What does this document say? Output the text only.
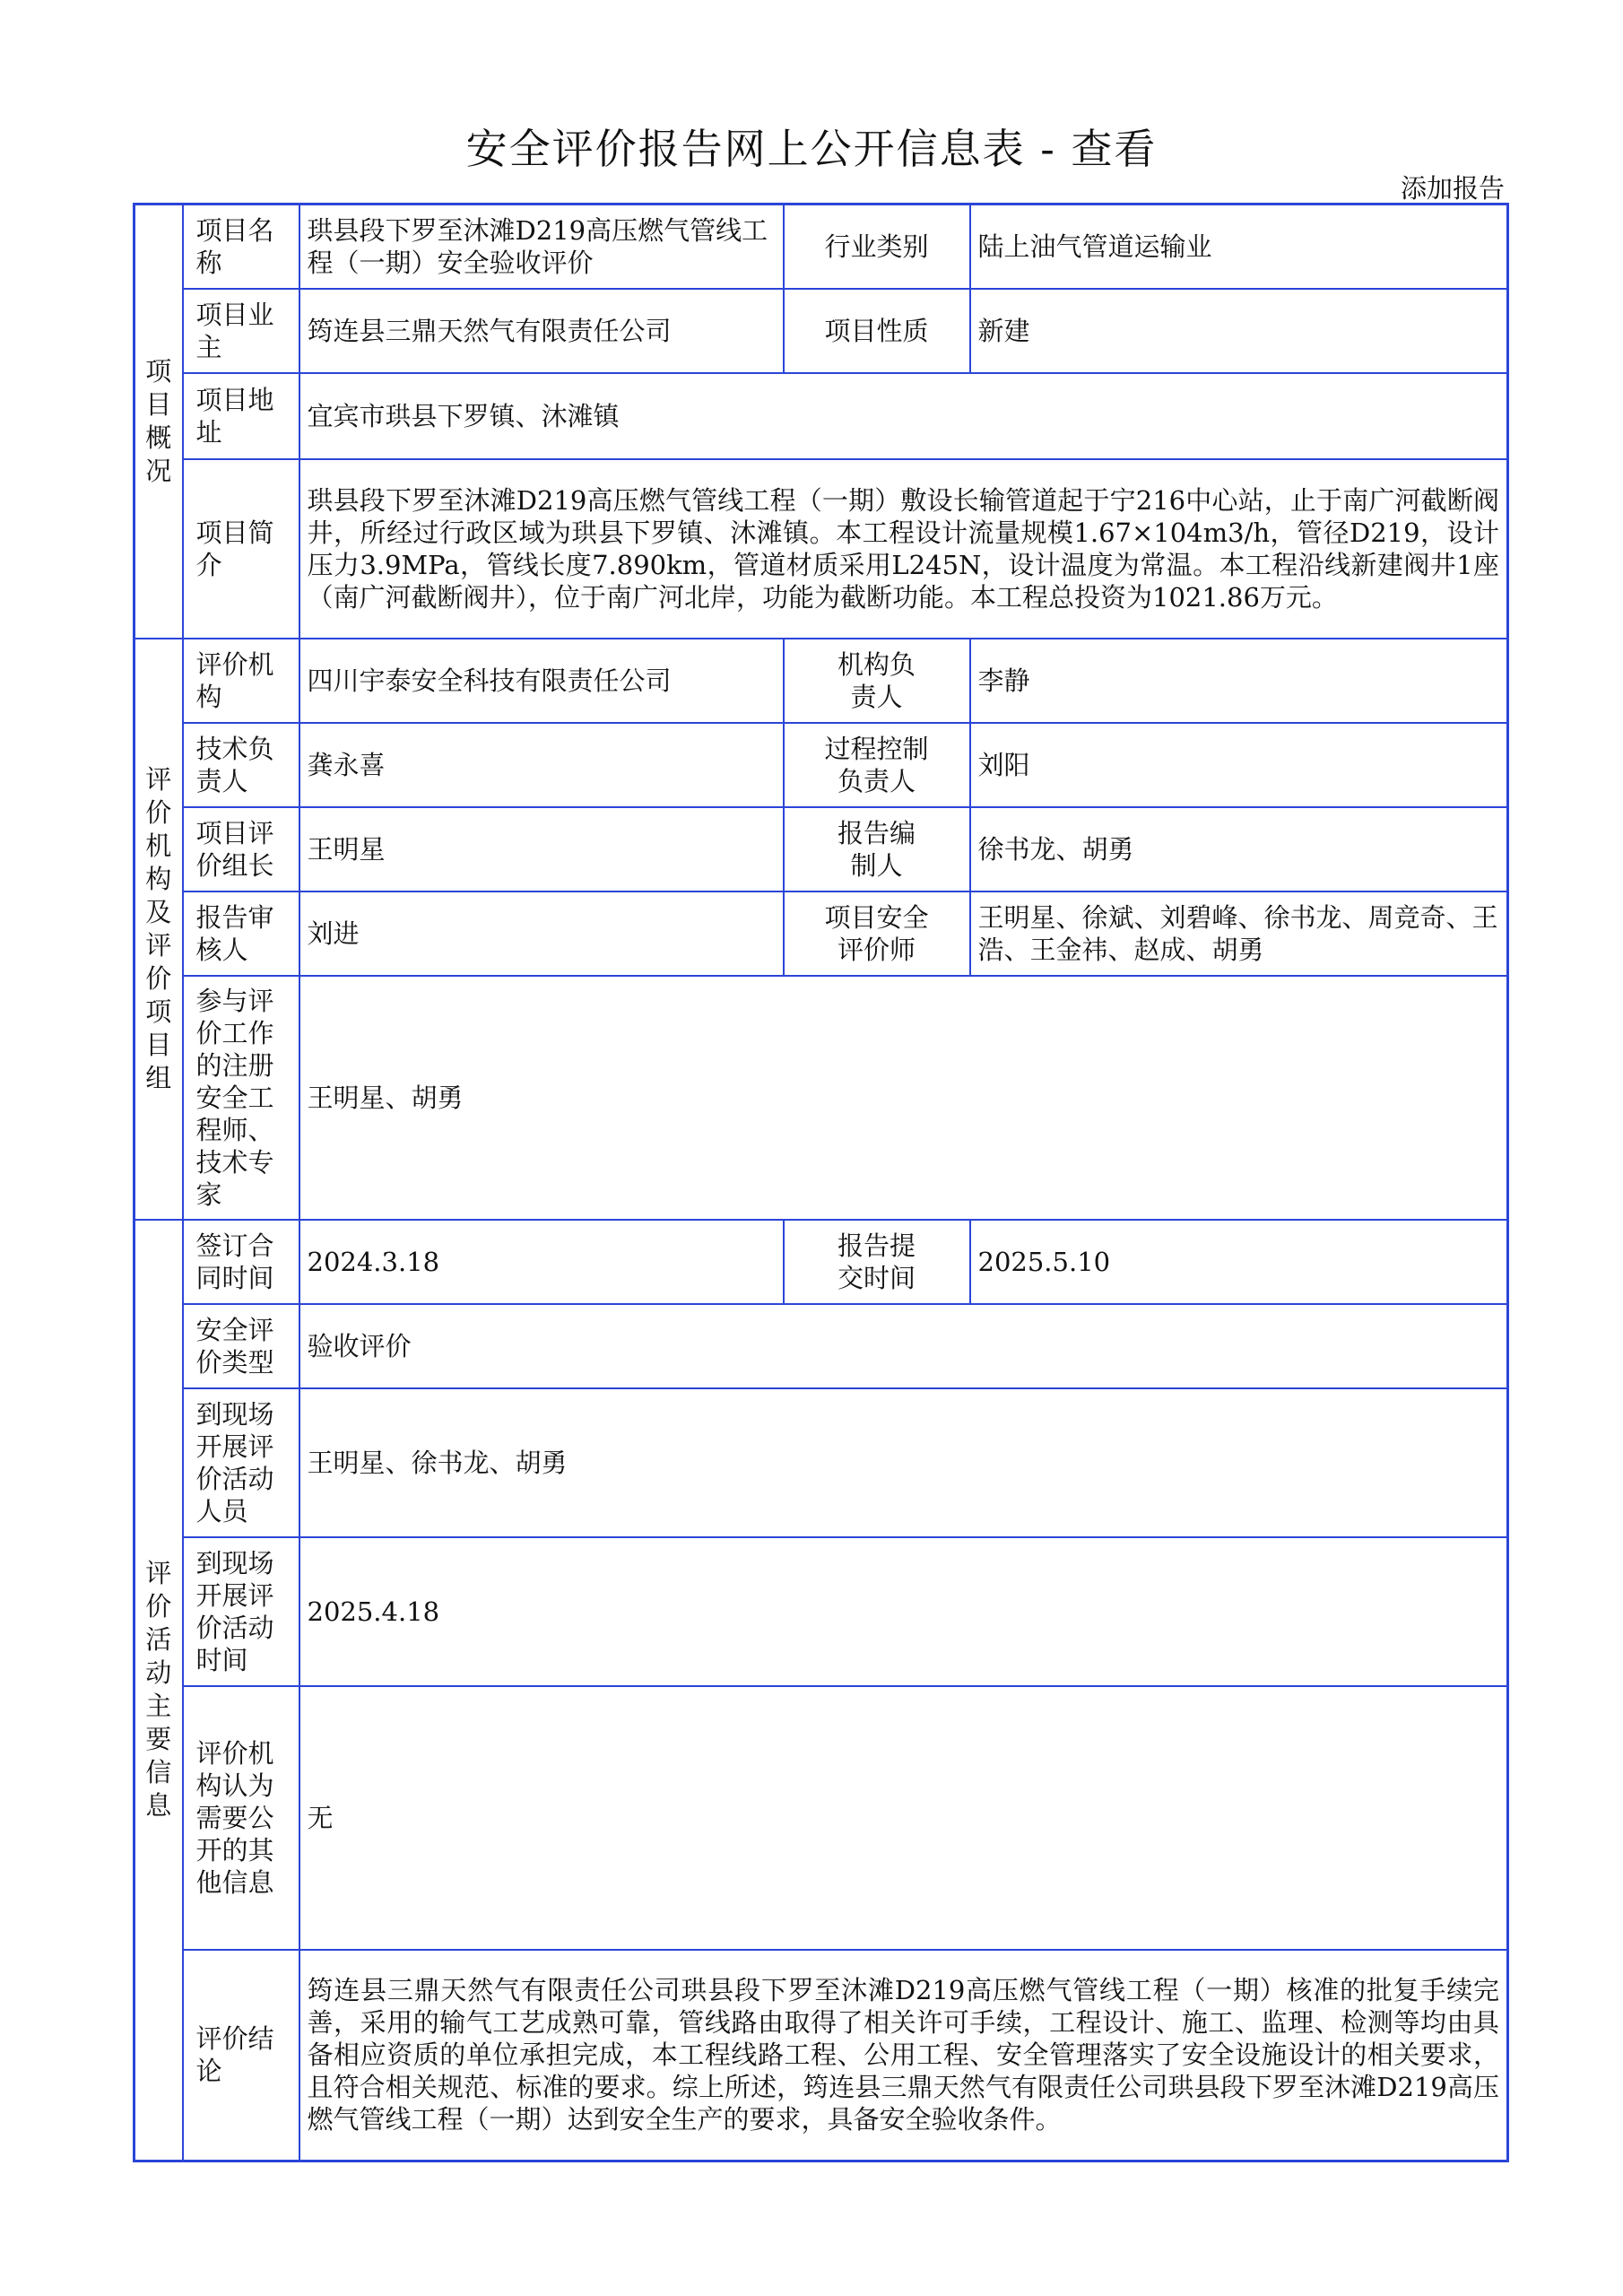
安全评价报告网上公开信息表 - 查看
添加报告
项目概况	项目名称	珙县段下罗至沐滩D219高压燃气管线工程（一期）安全验收评价	行业类别	陆上油气管道运输业

	项目业主	筠连县三鼎天然气有限责任公司	项目性质	新建

	项目地址	宜宾市珙县下罗镇、沐滩镇		

	项目简介	珙县段下罗至沐滩D219高压燃气管线工程（一期）敷设长输管道起于宁216中心站，止于南广河截断阀井，所经过行政区域为珙县下罗镇、沐滩镇。本工程设计流量规模1.67×104m3/h，管径D219，设计压力3.9MPa，管线长度7.890km，管道材质采用L245N，设计温度为常温。本工程沿线新建阀井1座（南广河截断阀井），位于南广河北岸，功能为截断功能。本工程总投资为1021.86万元。		
评价机构及评价项目组	评价机构	四川宇泰安全科技有限责任公司	机构负责人	李静

	技术负责人	龚永喜	过程控制负责人	刘阳

	项目评价组长	王明星	报告编制人	徐书龙、胡勇

	报告审核人	刘进	项目安全评价师	王明星、徐斌、刘碧峰、徐书龙、周竞奇、王浩、王金祎、赵成、胡勇

	参与评价工作的注册安全工程师、技术专家	王明星、胡勇		
评价活动主要信息	签订合同时间	2024.3.18	报告提交时间	2025.5.10

	安全评价类型	验收评价		

	到现场开展评价活动人员	王明星、徐书龙、胡勇		

	到现场开展评价活动时间	2025.4.18		

	评价机构认为需要公开的其他信息	无		

	评价结论	筠连县三鼎天然气有限责任公司珙县段下罗至沐滩D219高压燃气管线工程（一期）核准的批复手续完善，采用的输气工艺成熟可靠，管线路由取得了相关许可手续，工程设计、施工、监理、检测等均由具备相应资质的单位承担完成，本工程线路工程、公用工程、安全管理落实了安全设施设计的相关要求，且符合相关规范、标准的要求。综上所述，筠连县三鼎天然气有限责任公司珙县段下罗至沐滩D219高压燃气管线工程（一期）达到安全生产的要求，具备安全验收条件。		
